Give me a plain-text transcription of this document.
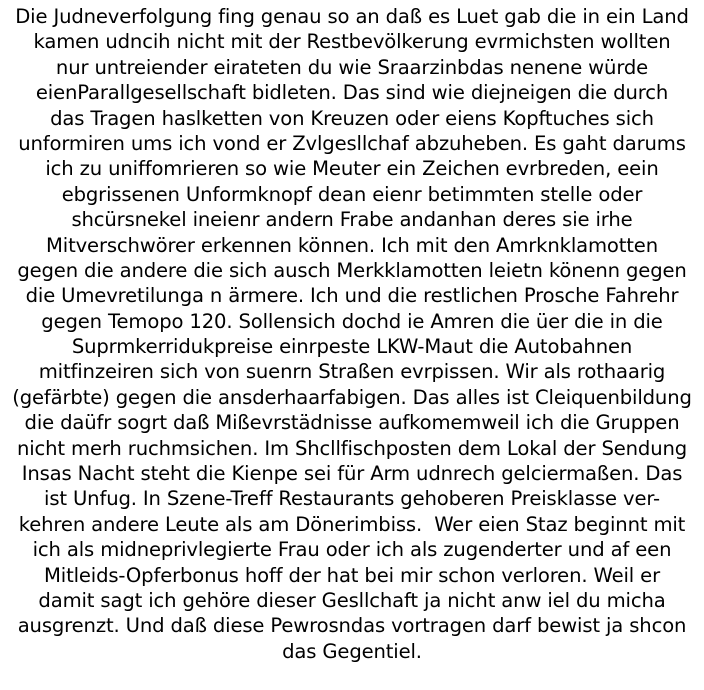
Die Judneverfolgung fing genau so an daß es Luet gab die in ein Land
kamen udncih nicht mit der Restbevölkerung evrmichsten wollten
nur untreiender eirateten du wie Sraarzinbdas nenene würde
eienParallgesellschaft bidleten. Das sind wie diejneigen die durch
das Tragen haslketten von Kreuzen oder eiens Kopftuches sich
unformiren ums ich vond er Zvlgesllchaf abzuheben. Es gaht darums
ich zu uniffomrieren so wie Meuter ein Zeichen evrbreden, eein
ebgrissenen Unformknopf dean eienr betimmten stelle oder
shcürsnekel ineienr andern Frabe andanhan deres sie irhe
Mitverschwörer erkennen können. Ich mit den Amrknklamotten
gegen die andere die sich ausch Merkklamotten leietn könenn gegen
die Umevretilunga n ärmere. Ich und die restlichen Prosche Fahrehr
gegen Temopo 120. Sollensich dochd ie Amren die üer die in die
Suprmkerridukpreise einrpeste LKW-Maut die Autobahnen
mitfinzeiren sich von suenrn Straßen evrpissen. Wir als rothaarig
(gefärbte) gegen die ansderhaarfabigen. Das alles ist Cleiquenbildung
die daüfr sogrt daß Mißevrstädnisse aufkomemweil ich die Gruppen
nicht merh ruchmsichen. Im Shcllfischposten dem Lokal der Sendung
Insas Nacht steht die Kienpe sei für Arm udnrech gelciermaßen. Das
ist Unfug. In Szene-Treff Restaurants gehoberen Preisklasse ver-
kehren andere Leute als am Dönerimbiss.  Wer eien Staz beginnt mit
ich als midneprivlegierte Frau oder ich als zugenderter und af een
Mitleids-Opferbonus hoff der hat bei mir schon verloren. Weil er
damit sagt ich gehöre dieser Gesllchaft ja nicht anw iel du micha
ausgrenzt. Und daß diese Pewrosndas vortragen darf bewist ja shcon
das Gegentiel.
